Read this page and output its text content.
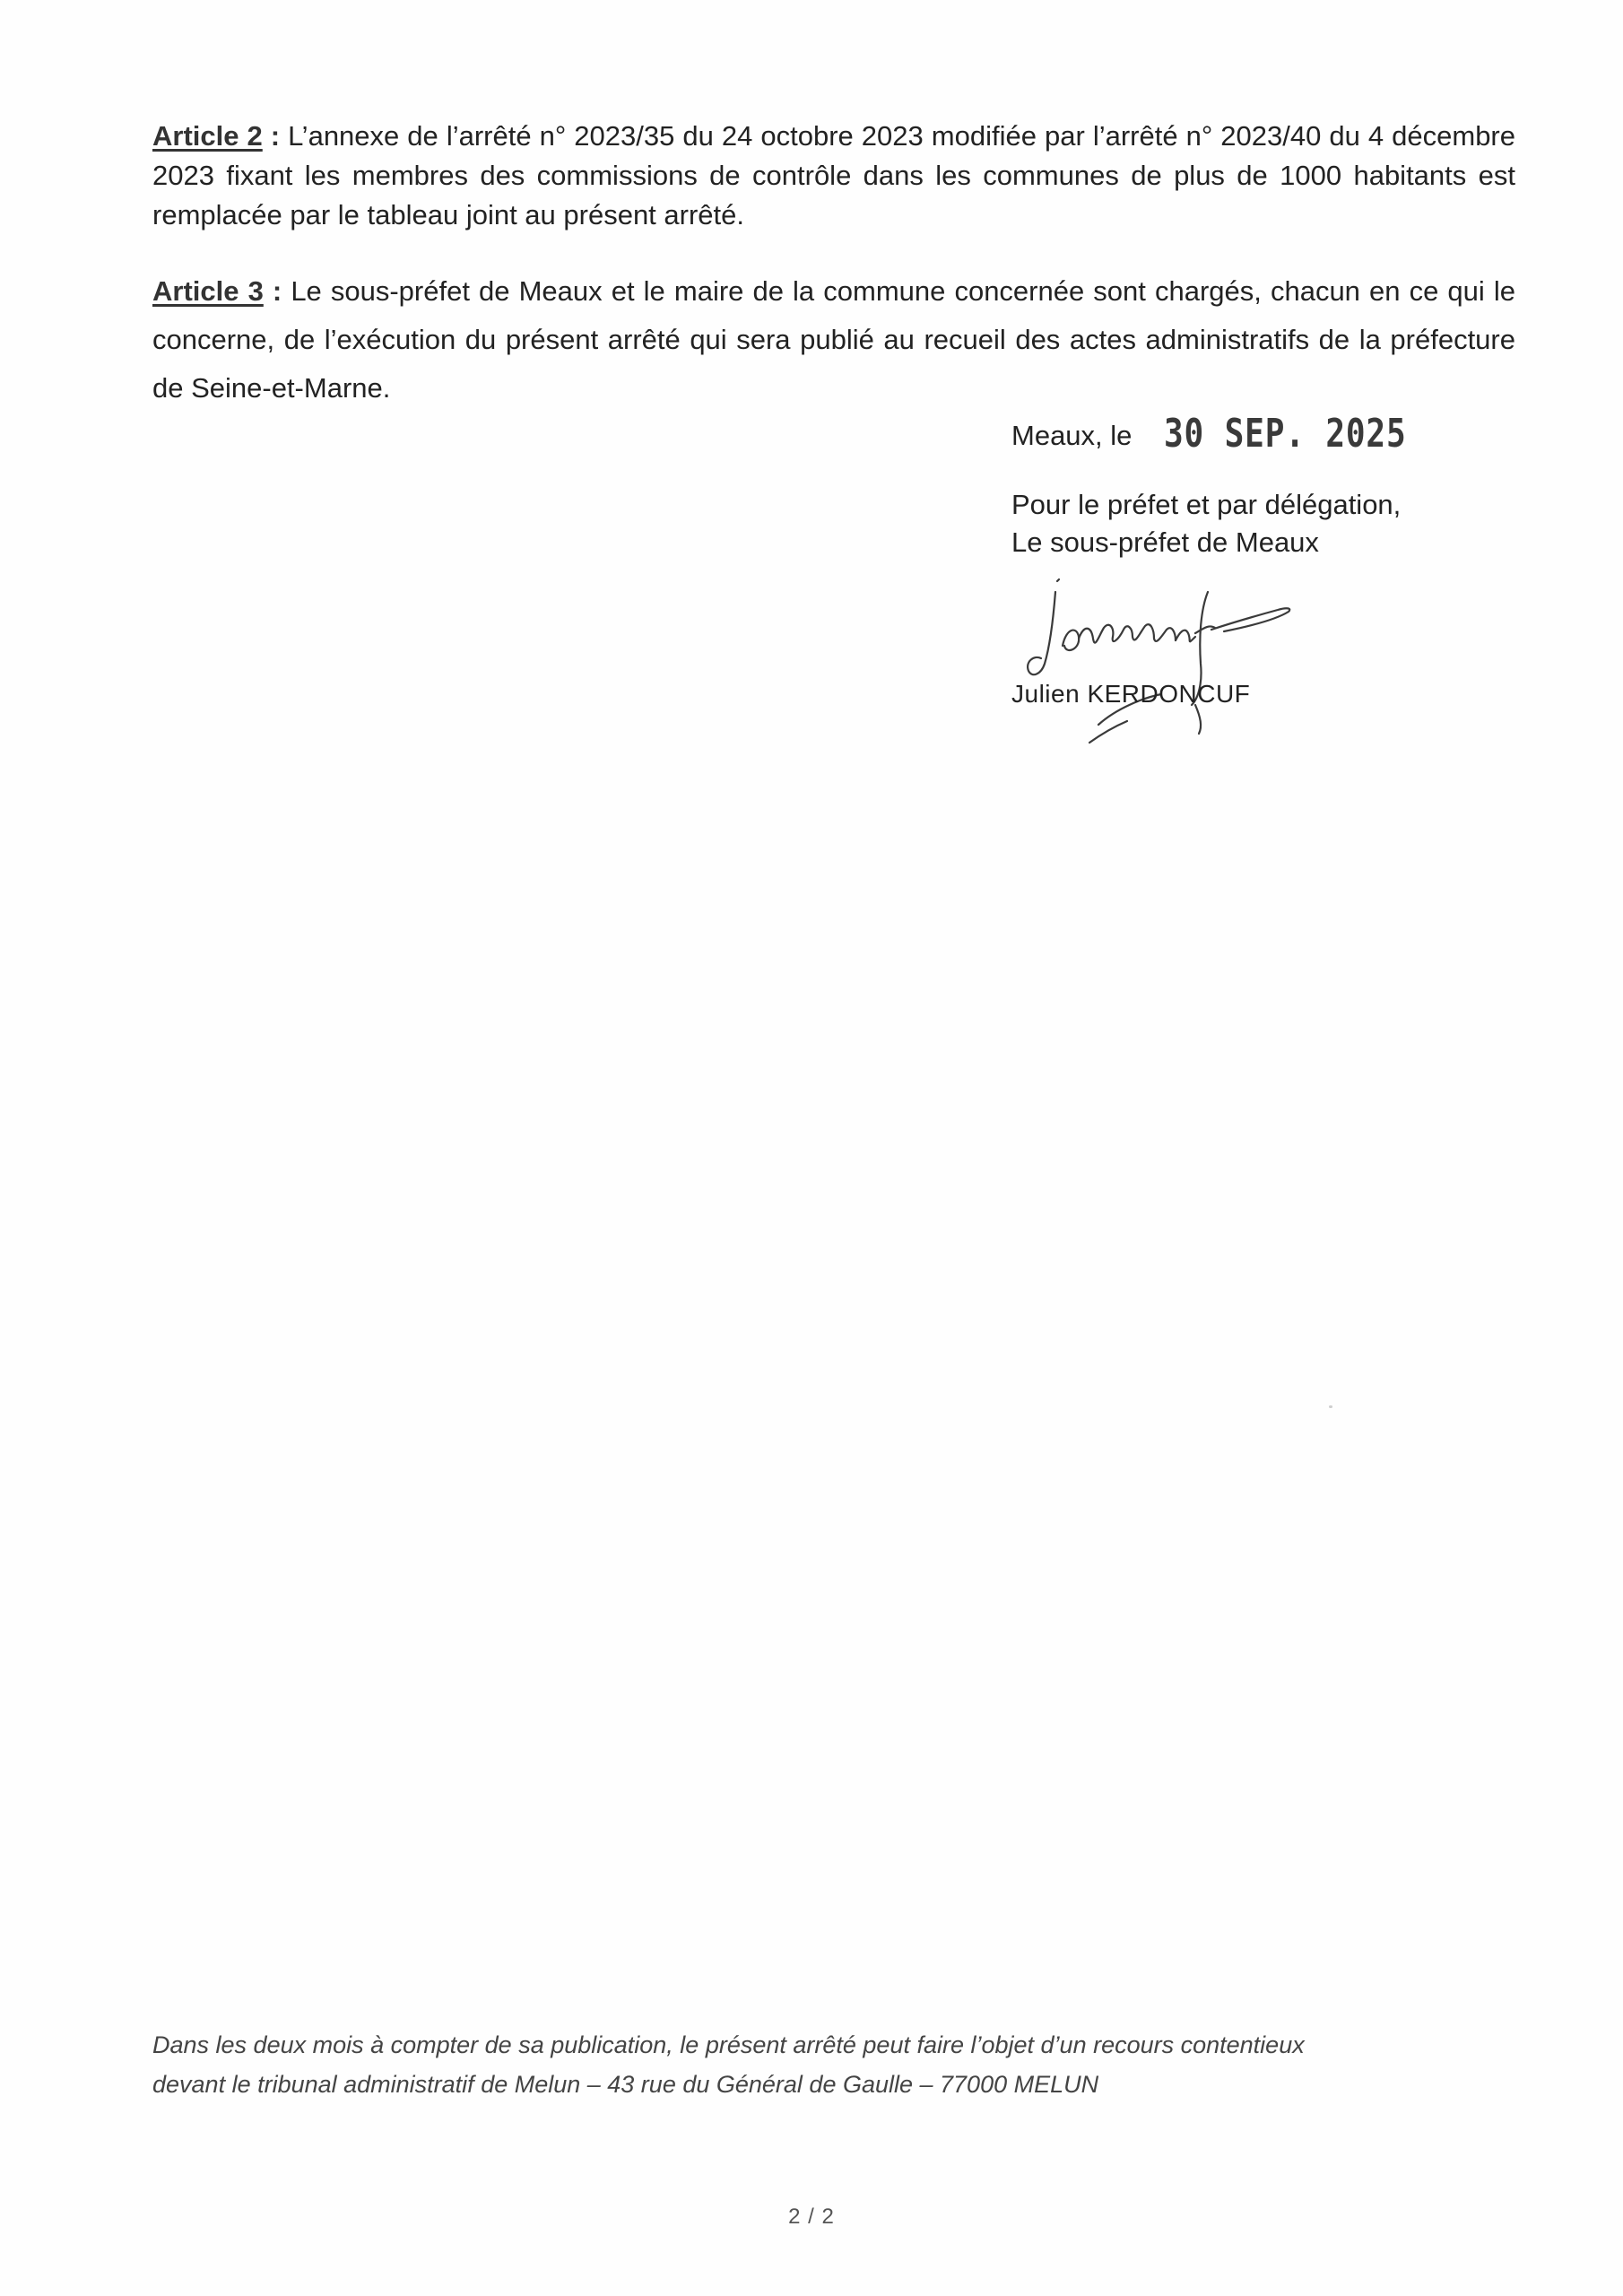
Article 2 : L’annexe de l’arrêté n° 2023/35 du 24 octobre 2023 modifiée par l’arrêté n° 2023/40 du 4 décembre 2023 fixant les membres des commissions de contrôle dans les communes de plus de 1000 habitants est remplacée par le tableau joint au présent arrêté.

Article 3 : Le sous-préfet de Meaux et le maire de la commune concernée sont chargés, chacun en ce qui le concerne, de l’exécution du présent arrêté qui sera publié au recueil des actes administratifs de la préfecture de Seine-et-Marne.

Meaux, le 30 SEP. 2025
Pour le préfet et par délégation,
Le sous-préfet de Meaux
Julien KERDONCUF
Dans les deux mois à compter de sa publication, le présent arrêté peut faire l’objet d’un recours contentieux
devant le tribunal administratif de Melun – 43 rue du Général de Gaulle – 77000 MELUN
2 / 2
